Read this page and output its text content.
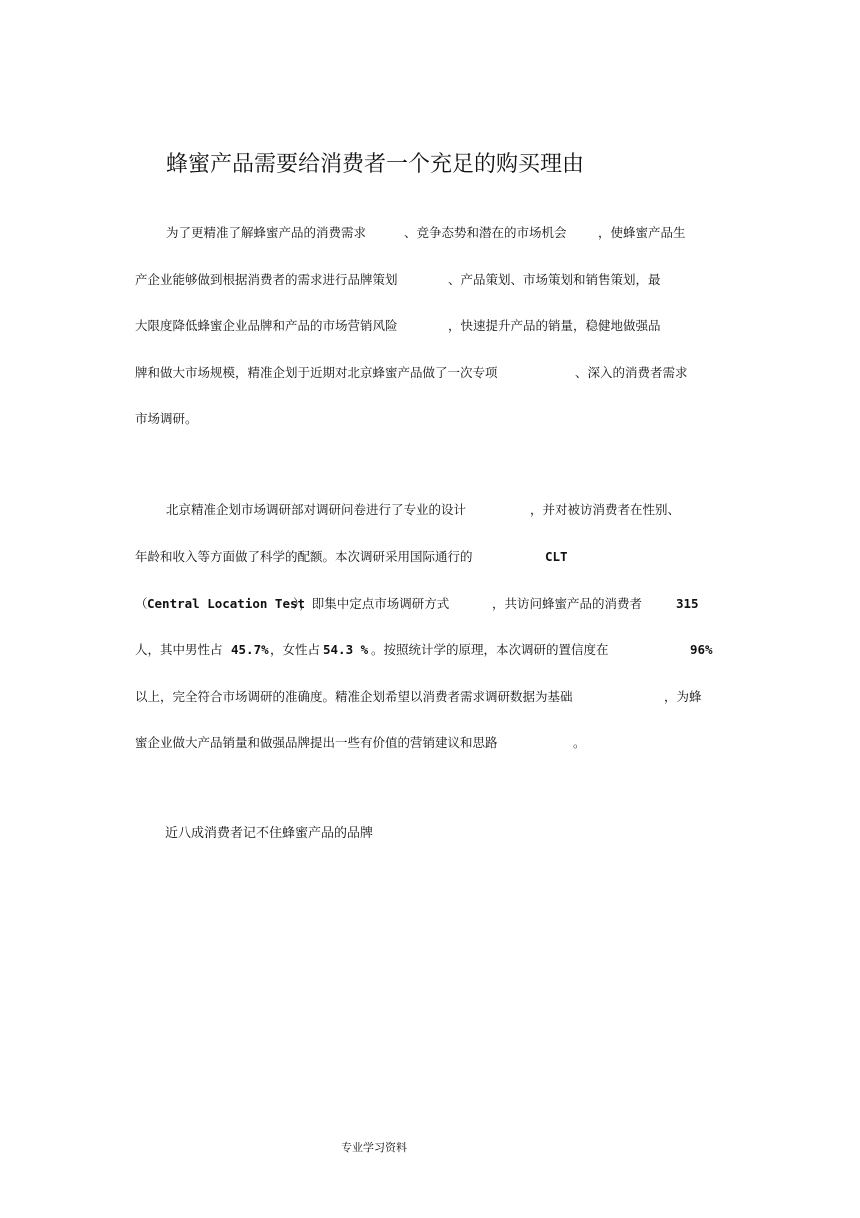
蜂蜜产品需要给消费者一个充足的购买理由
为了更精准了解蜂蜜产品的消费需求	、竞争态势和潜在的市场机会	，使蜂蜜产品生
产企业能够做到根据消费者的需求进行品牌策划	、产品策划、市场策划和销售策划，最
大限度降低蜂蜜企业品牌和产品的市场营销风险	，快速提升产品的销量，稳健地做强品
牌和做大市场规模，精准企划于近期对北京蜂蜜产品做了一次专项	、深入的消费者需求
市场调研。
北京精准企划市场调研部对调研问卷进行了专业的设计	，并对被访消费者在性别、
年龄和收入等方面做了科学的配额。本次调研采用国际通行的	CLT
（ Central Location Test
），即集中定点市场调研方式	，共访问蜂蜜产品的消费者	315
人，其中男性占 45.7% ，女性占 54.3 % 。按照统计学的原理，本次调研的置信度在	96%
以上，完全符合市场调研的准确度。精准企划希望以消费者需求调研数据为基础	，为蜂
蜜企业做大产品销量和做强品牌提出一些有价值的营销建议和思路	。
近八成消费者记不住蜂蜜产品的品牌
专业学习资料
